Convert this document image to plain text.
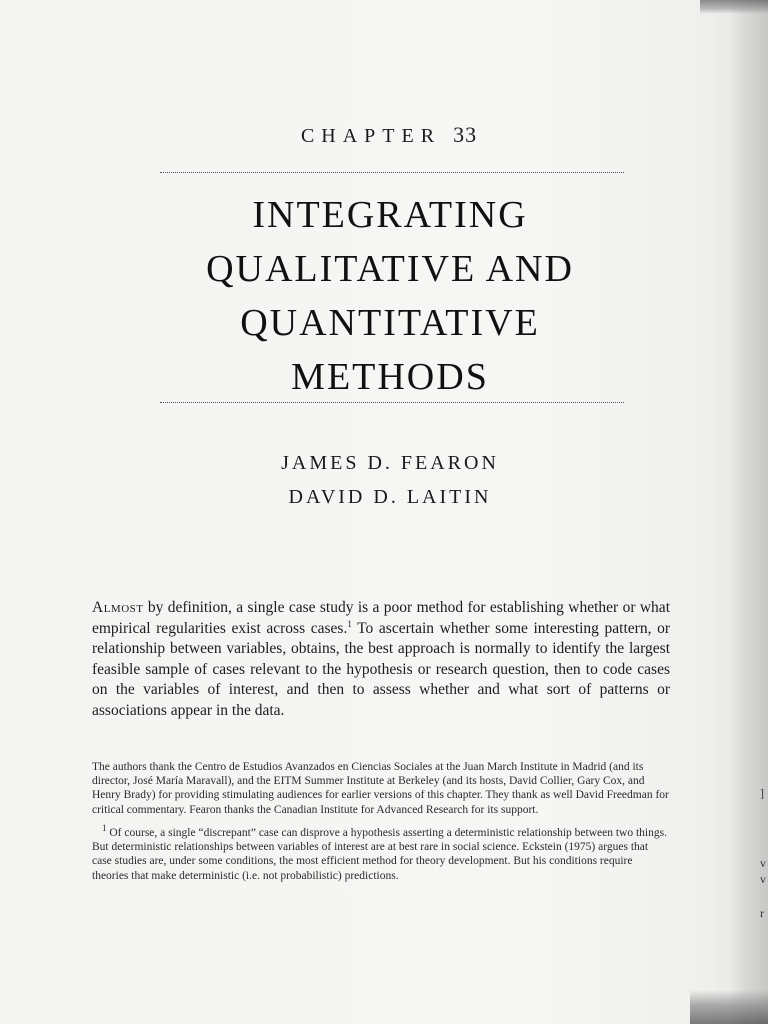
]
v
v
r
CHAPTER 33
INTEGRATING
QUALITATIVE AND
QUANTITATIVE
METHODS
JAMES D. FEARON
DAVID D. LAITIN
Almost by definition, a single case study is a poor method for establishing whether or what empirical regularities exist across cases.$^1$ To ascertain whether some interesting pattern, or relationship between variables, obtains, the best approach is normally to identify the largest feasible sample of cases relevant to the hypothesis or research question, then to code cases on the variables of interest, and then to assess whether and what sort of patterns or associations appear in the data.
The authors thank the Centro de Estudios Avanzados en Ciencias Sociales at the Juan March Institute in Madrid (and its director, José María Maravall), and the EITM Summer Institute at Berkeley (and its hosts, David Collier, Gary Cox, and Henry Brady) for providing stimulating audiences for earlier versions of this chapter. They thank as well David Freedman for critical commentary. Fearon thanks the Canadian Institute for Advanced Research for its support.
$^1$ Of course, a single “discrepant” case can disprove a hypothesis asserting a deterministic relationship between two things. But deterministic relationships between variables of interest are at best rare in social science. Eckstein (1975) argues that case studies are, under some conditions, the most efficient method for theory development. But his conditions require theories that make deterministic (i.e. not probabilistic) predictions.
